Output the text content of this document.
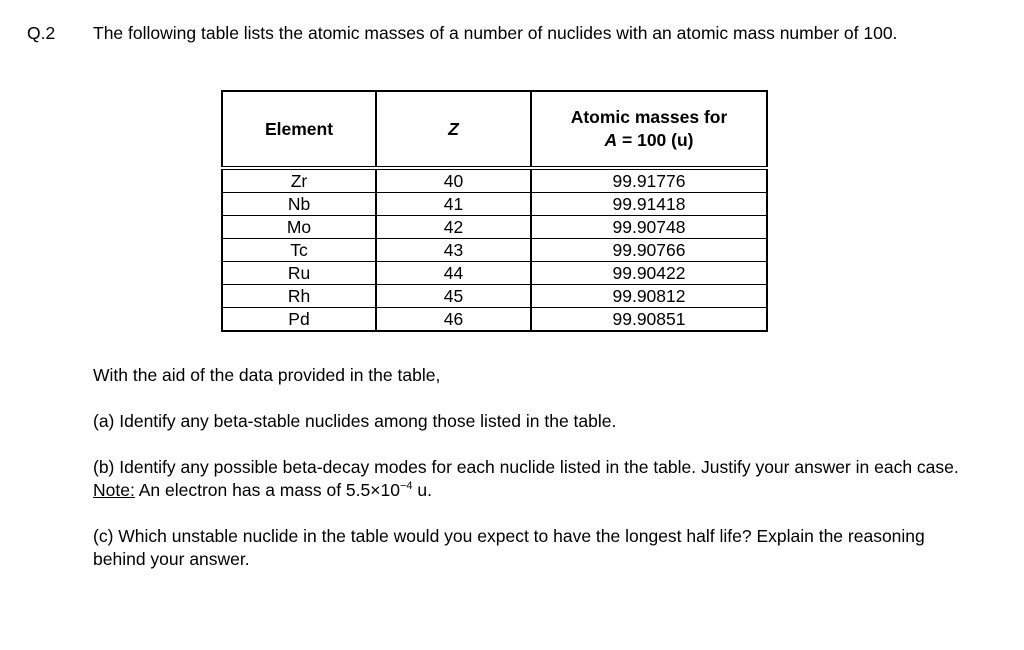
Q.2 The following table lists the atomic masses of a number of nuclides with an atomic mass number of 100.
Element	Z	Atomic masses for
A = 100 (u)
Zr	40	99.91776
Nb	41	99.91418
Mo	42	99.90748
Tc	43	99.90766
Ru	44	99.90422
Rh	45	99.90812
Pd	46	99.90851
With the aid of the data provided in the table,
(a) Identify any beta-stable nuclides among those listed in the table.
(b) Identify any possible beta-decay modes for each nuclide listed in the table. Justify your answer in each case. Note: An electron has a mass of $5.5\times 10^{-4}$ u.
(c) Which unstable nuclide in the table would you expect to have the longest half life? Explain the reasoning behind your answer.
